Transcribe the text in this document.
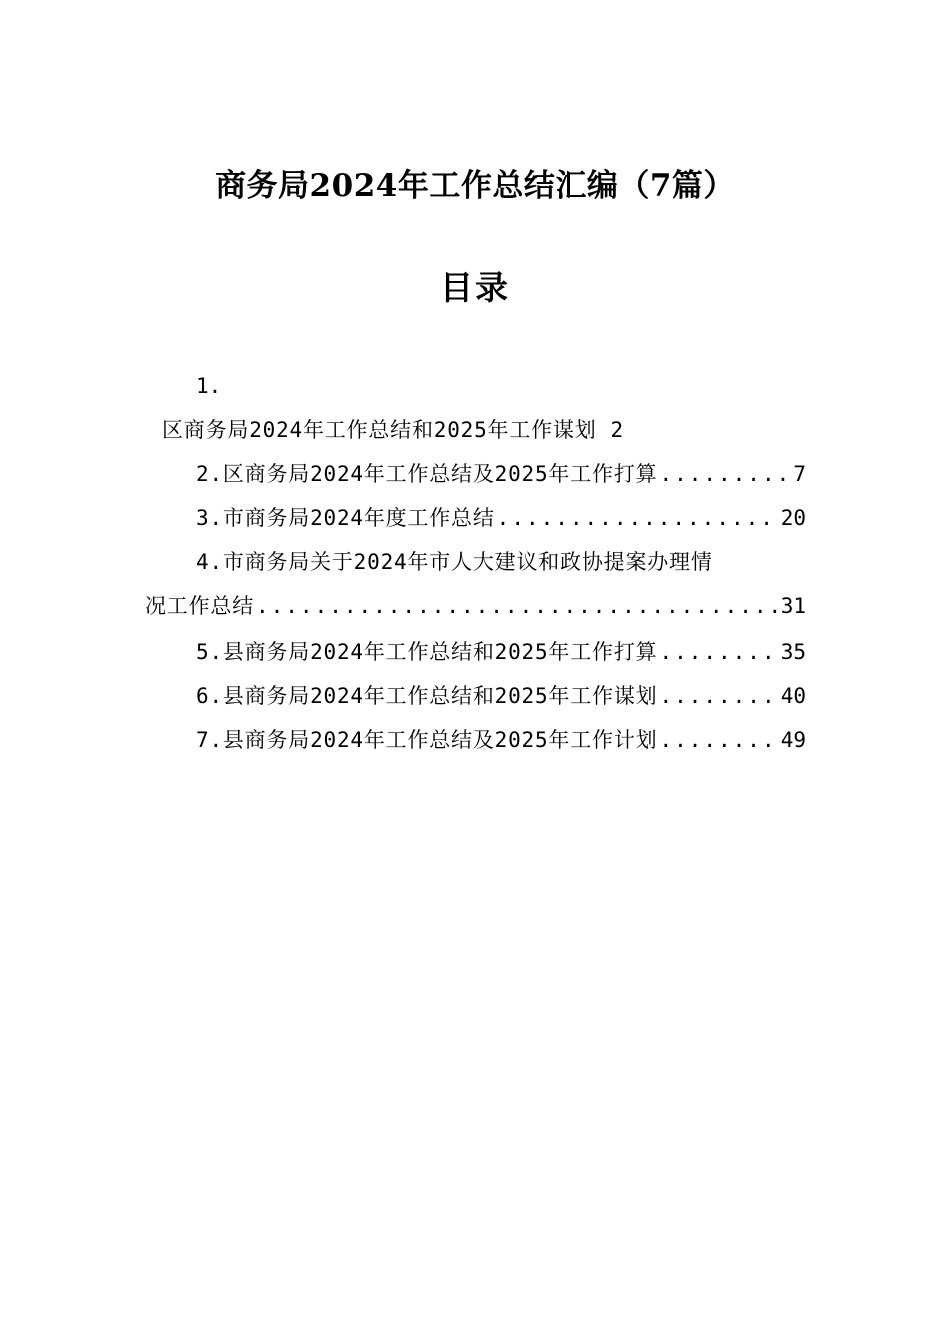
商务局2024年工作总结汇编（7篇）
目录
1.
区商务局2024年工作总结和2025年工作谋划 2
2.区商务局2024年工作总结及2025年工作打算 .....	7
3.市商务局2024年度工作总结 .....	20
4.市商务局关于2024年市人大建议和政协提案办理情
况工作总结 .....	31
5.县商务局2024年工作总结和2025年工作打算 .....	35
6.县商务局2024年工作总结和2025年工作谋划 .....	40
7.县商务局2024年工作总结及2025年工作计划 .....	49
